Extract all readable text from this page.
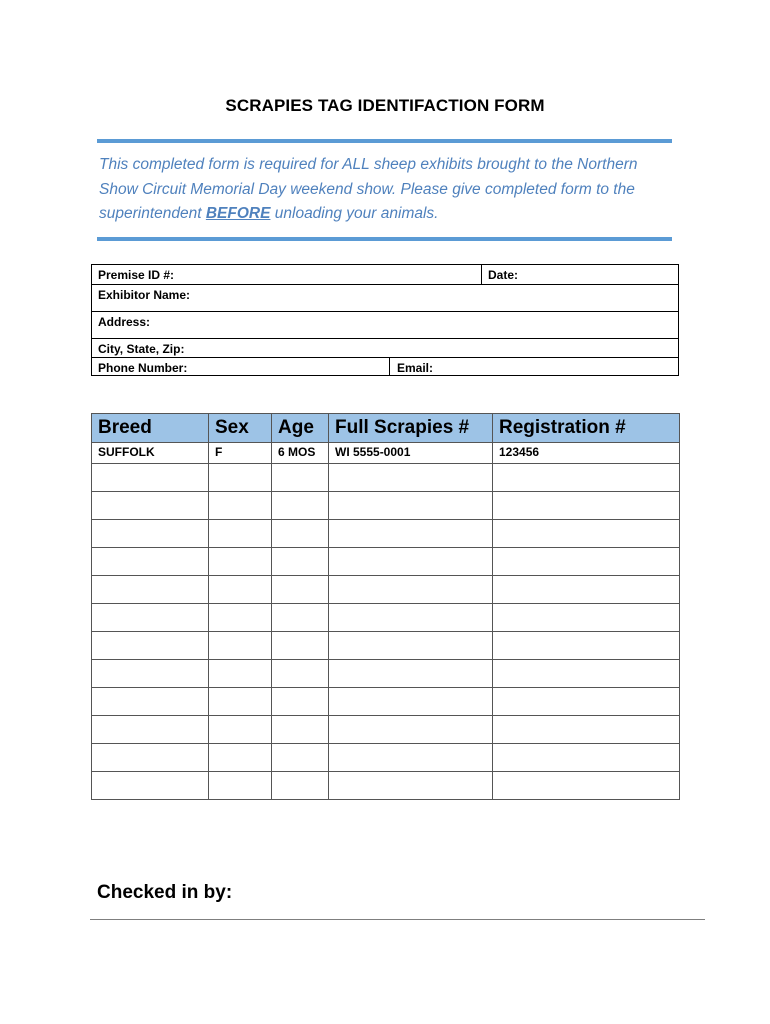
SCRAPIES TAG IDENTIFACTION FORM
This completed form is required for ALL sheep exhibits brought to the Northern Show Circuit Memorial Day weekend show. Please give completed form to the superintendent BEFORE unloading your animals.
Premise ID #:	Date:
Exhibitor Name:
Address:
City, State, Zip:
Phone Number:	Email:
Breed	Sex	Age	Full Scrapies #	Registration #
SUFFOLK	F	6 MOS	WI 5555-0001	123456

Checked in by:
